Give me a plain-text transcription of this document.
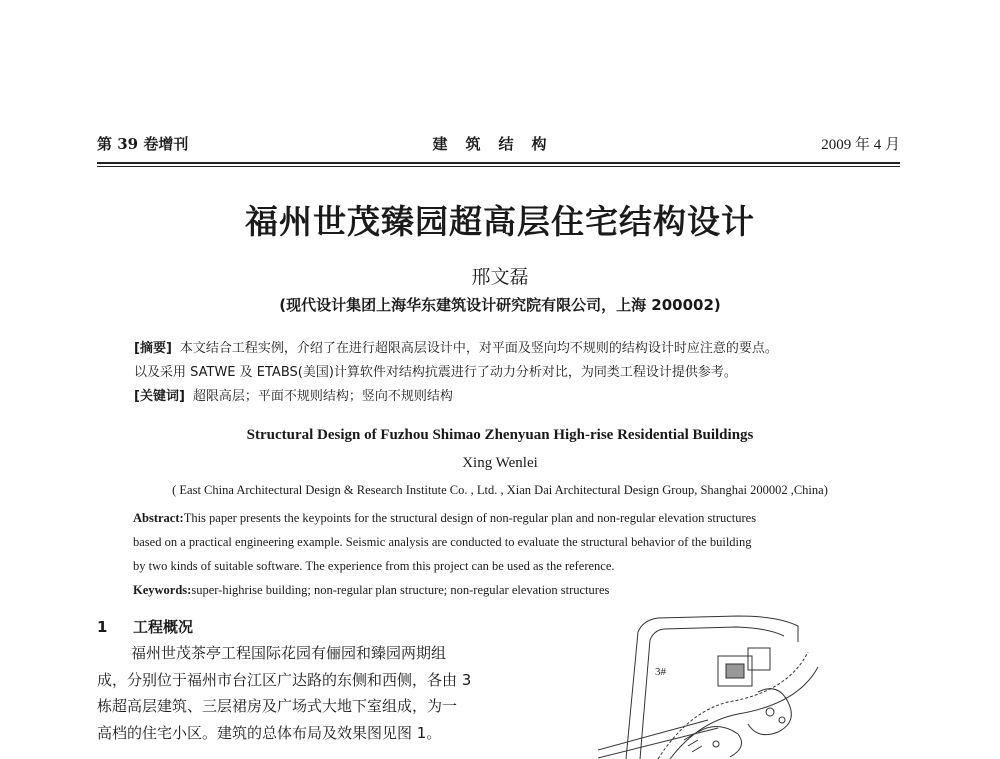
第 39 卷增刊	建筑结构	2009 年 4 月
福州世茂臻园超高层住宅结构设计
邢文磊
(现代设计集团上海华东建筑设计研究院有限公司，上海 200002)
[摘要] 本文结合工程实例，介绍了在进行超限高层设计中，对平面及竖向均不规则的结构设计时应注意的要点。
以及采用 SATWE 及 ETABS(美国)计算软件对结构抗震进行了动力分析对比，为同类工程设计提供参考。
[关键词] 超限高层；平面不规则结构；竖向不规则结构
Structural Design of Fuzhou Shimao Zhenyuan High-rise Residential Buildings
Xing Wenlei
( East China Architectural Design & Research Institute Co. , Ltd. , Xian Dai Architectural Design Group, Shanghai 200002 ,China)
Abstract:This paper presents the keypoints for the structural design of non-regular plan and non-regular elevation structures
based on a practical engineering example. Seismic analysis are conducted to evaluate the structural behavior of the building
by two kinds of suitable software. The experience from this project can be used as the reference.
Keywords:super-highrise building; non-regular plan structure; non-regular elevation structures
1 工程概况
福州世茂茶亭工程国际花园有俪园和臻园两期组
成，分别位于福州市台江区广达路的东侧和西侧，各由 3
栋超高层建筑、三层裙房及广场式大地下室组成，为一
高档的住宅小区。建筑的总体布局及效果图见图 1。
3#
